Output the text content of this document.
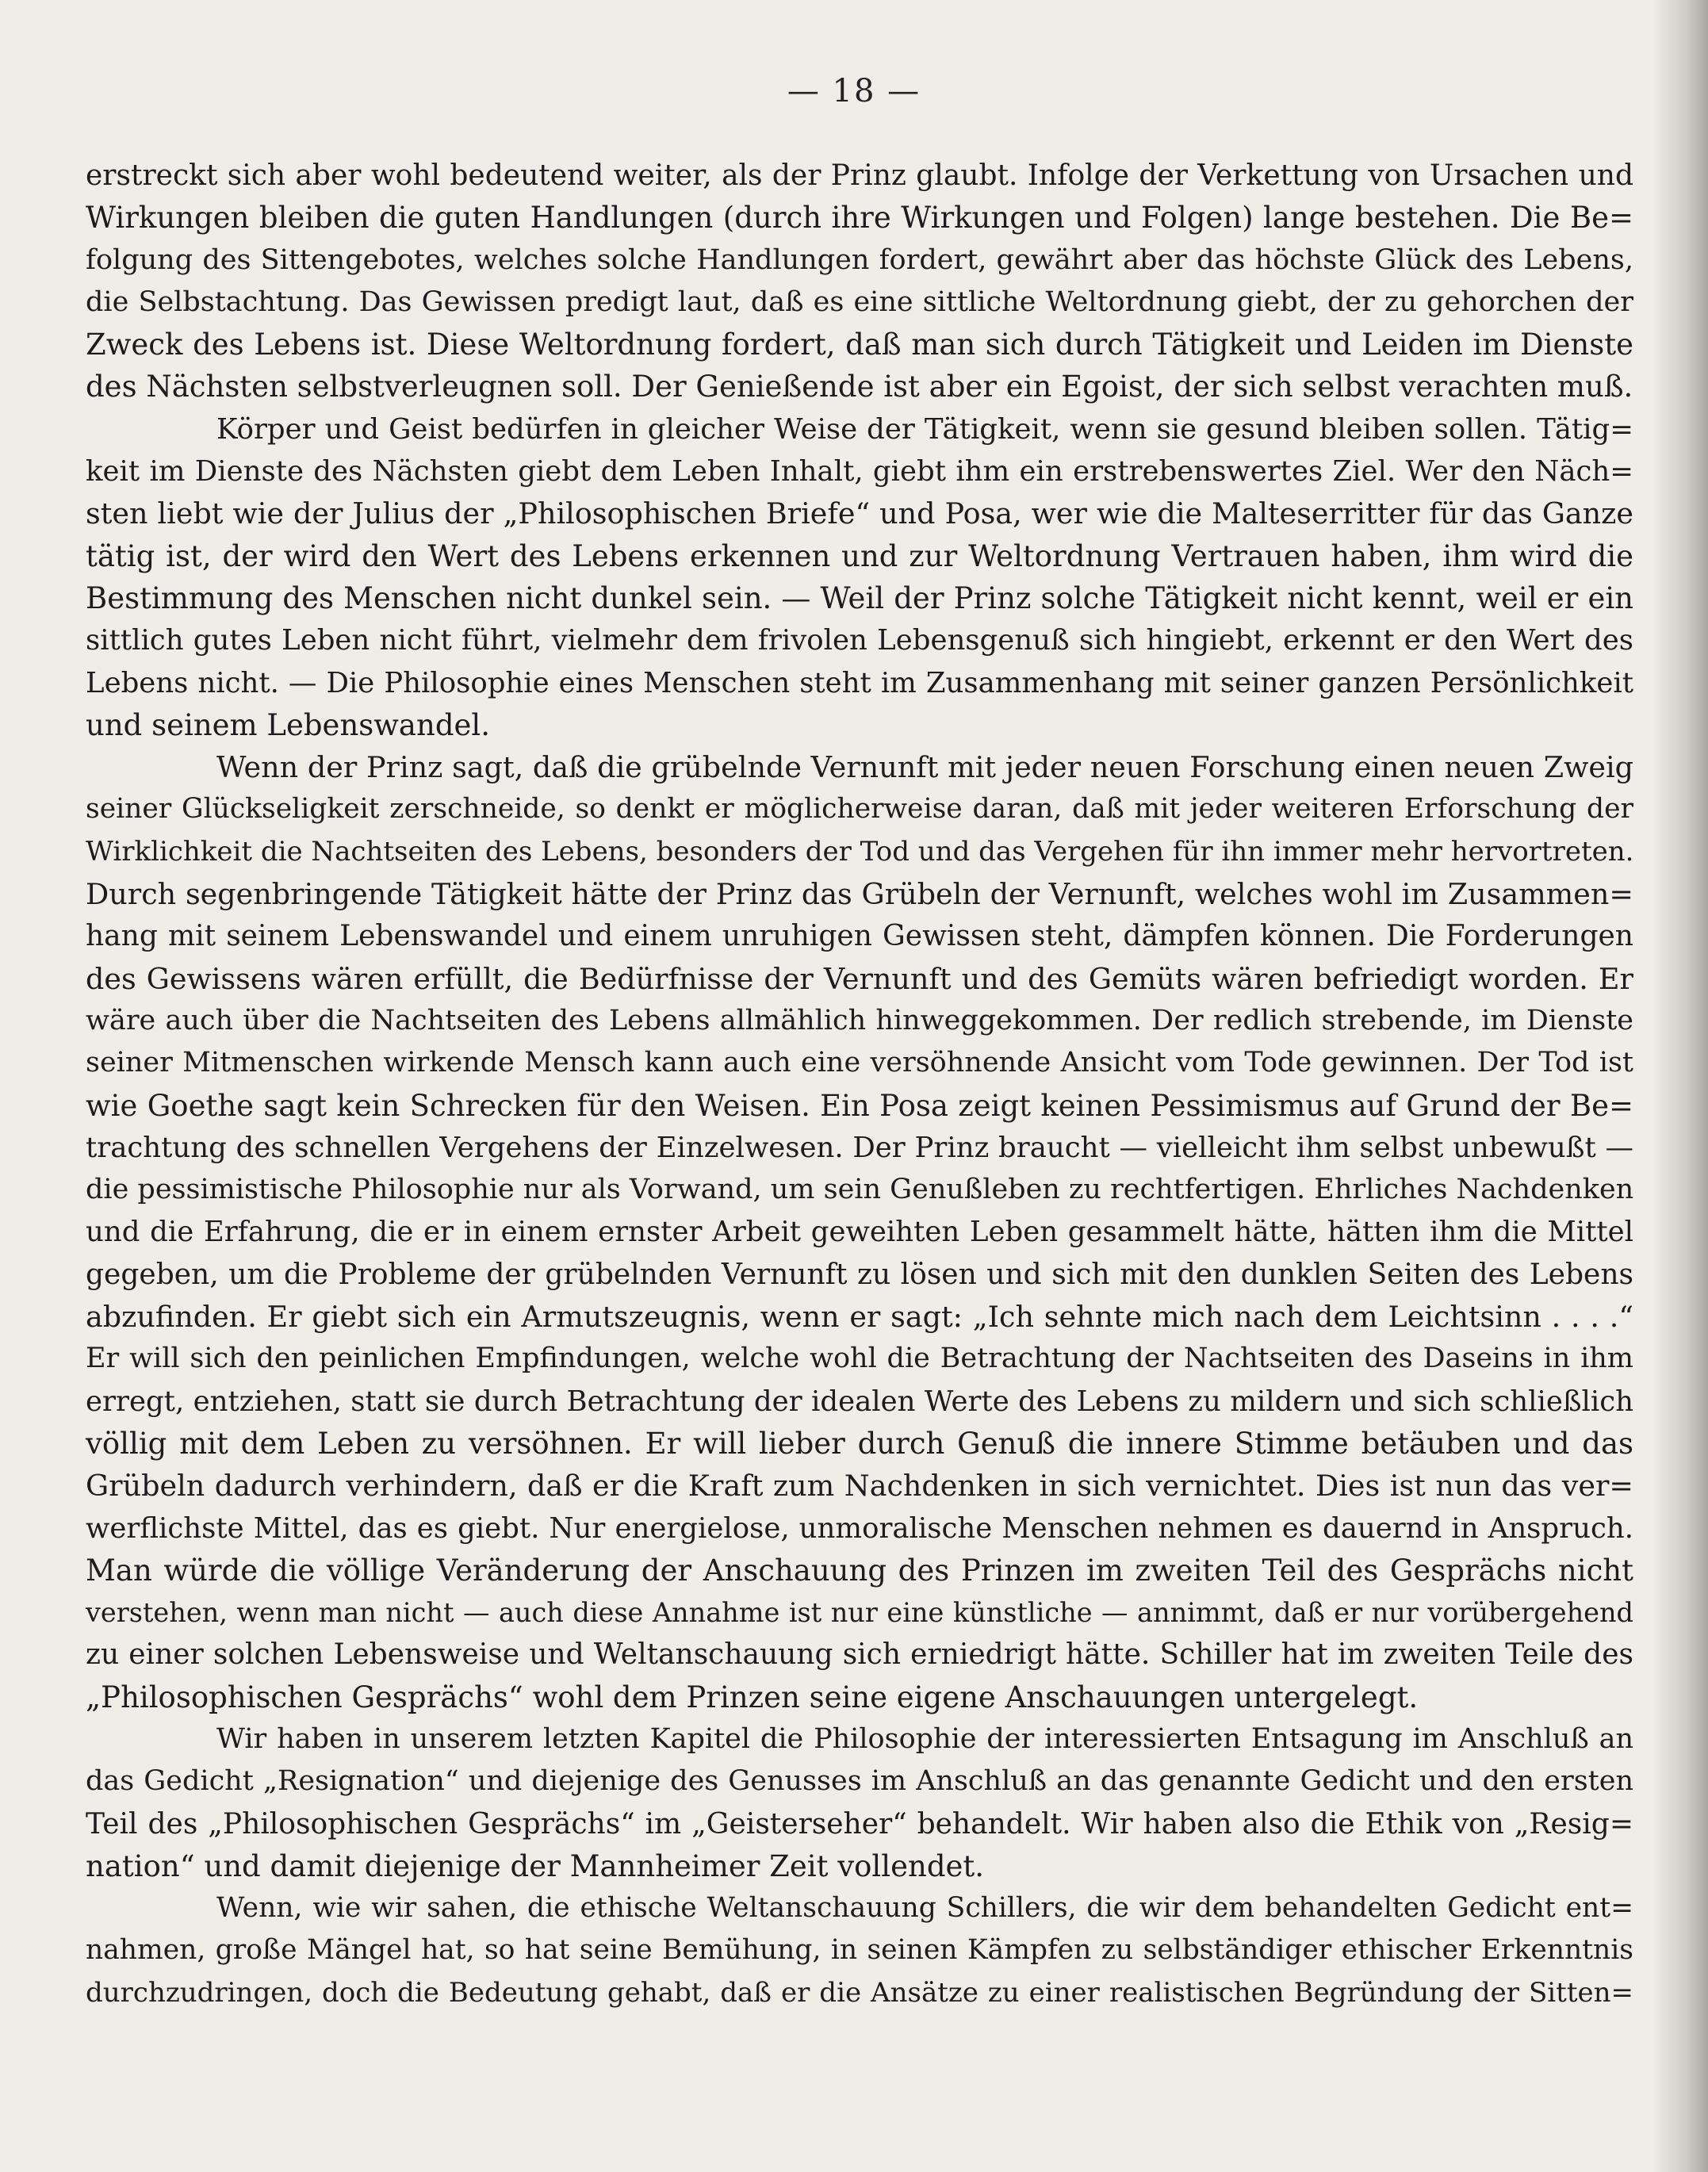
— 18 —
erstreckt sich aber wohl bedeutend weiter, als der Prinz glaubt. Infolge der Verkettung von Ursachen und
Wirkungen bleiben die guten Handlungen (durch ihre Wirkungen und Folgen) lange bestehen. Die Be=
folgung des Sittengebotes, welches solche Handlungen fordert, gewährt aber das höchste Glück des Lebens,
die Selbstachtung. Das Gewissen predigt laut, daß es eine sittliche Weltordnung giebt, der zu gehorchen der
Zweck des Lebens ist. Diese Weltordnung fordert, daß man sich durch Tätigkeit und Leiden im Dienste
des Nächsten selbstverleugnen soll. Der Genießende ist aber ein Egoist, der sich selbst verachten muß.
Körper und Geist bedürfen in gleicher Weise der Tätigkeit, wenn sie gesund bleiben sollen. Tätig=
keit im Dienste des Nächsten giebt dem Leben Inhalt, giebt ihm ein erstrebenswertes Ziel. Wer den Näch=
sten liebt wie der Julius der „Philosophischen Briefe“ und Posa, wer wie die Malteserritter für das Ganze
tätig ist, der wird den Wert des Lebens erkennen und zur Weltordnung Vertrauen haben, ihm wird die
Bestimmung des Menschen nicht dunkel sein. — Weil der Prinz solche Tätigkeit nicht kennt, weil er ein
sittlich gutes Leben nicht führt, vielmehr dem frivolen Lebensgenuß sich hingiebt, erkennt er den Wert des
Lebens nicht. — Die Philosophie eines Menschen steht im Zusammenhang mit seiner ganzen Persönlichkeit
und seinem Lebenswandel.
Wenn der Prinz sagt, daß die grübelnde Vernunft mit jeder neuen Forschung einen neuen Zweig
seiner Glückseligkeit zerschneide, so denkt er möglicherweise daran, daß mit jeder weiteren Erforschung der
Wirklichkeit die Nachtseiten des Lebens, besonders der Tod und das Vergehen für ihn immer mehr hervortreten.
Durch segenbringende Tätigkeit hätte der Prinz das Grübeln der Vernunft, welches wohl im Zusammen=
hang mit seinem Lebenswandel und einem unruhigen Gewissen steht, dämpfen können. Die Forderungen
des Gewissens wären erfüllt, die Bedürfnisse der Vernunft und des Gemüts wären befriedigt worden. Er
wäre auch über die Nachtseiten des Lebens allmählich hinweggekommen. Der redlich strebende, im Dienste
seiner Mitmenschen wirkende Mensch kann auch eine versöhnende Ansicht vom Tode gewinnen. Der Tod ist
wie Goethe sagt kein Schrecken für den Weisen. Ein Posa zeigt keinen Pessimismus auf Grund der Be=
trachtung des schnellen Vergehens der Einzelwesen. Der Prinz braucht — vielleicht ihm selbst unbewußt —
die pessimistische Philosophie nur als Vorwand, um sein Genußleben zu rechtfertigen. Ehrliches Nachdenken
und die Erfahrung, die er in einem ernster Arbeit geweihten Leben gesammelt hätte, hätten ihm die Mittel
gegeben, um die Probleme der grübelnden Vernunft zu lösen und sich mit den dunklen Seiten des Lebens
abzufinden. Er giebt sich ein Armutszeugnis, wenn er sagt: „Ich sehnte mich nach dem Leichtsinn . . . .“
Er will sich den peinlichen Empfindungen, welche wohl die Betrachtung der Nachtseiten des Daseins in ihm
erregt, entziehen, statt sie durch Betrachtung der idealen Werte des Lebens zu mildern und sich schließlich
völlig mit dem Leben zu versöhnen. Er will lieber durch Genuß die innere Stimme betäuben und das
Grübeln dadurch verhindern, daß er die Kraft zum Nachdenken in sich vernichtet. Dies ist nun das ver=
werflichste Mittel, das es giebt. Nur energielose, unmoralische Menschen nehmen es dauernd in Anspruch.
Man würde die völlige Veränderung der Anschauung des Prinzen im zweiten Teil des Gesprächs nicht
verstehen, wenn man nicht — auch diese Annahme ist nur eine künstliche — annimmt, daß er nur vorübergehend
zu einer solchen Lebensweise und Weltanschauung sich erniedrigt hätte. Schiller hat im zweiten Teile des
„Philosophischen Gesprächs“ wohl dem Prinzen seine eigene Anschauungen untergelegt.
Wir haben in unserem letzten Kapitel die Philosophie der interessierten Entsagung im Anschluß an
das Gedicht „Resignation“ und diejenige des Genusses im Anschluß an das genannte Gedicht und den ersten
Teil des „Philosophischen Gesprächs“ im „Geisterseher“ behandelt. Wir haben also die Ethik von „Resig=
nation“ und damit diejenige der Mannheimer Zeit vollendet.
Wenn, wie wir sahen, die ethische Weltanschauung Schillers, die wir dem behandelten Gedicht ent=
nahmen, große Mängel hat, so hat seine Bemühung, in seinen Kämpfen zu selbständiger ethischer Erkenntnis
durchzudringen, doch die Bedeutung gehabt, daß er die Ansätze zu einer realistischen Begründung der Sitten=
